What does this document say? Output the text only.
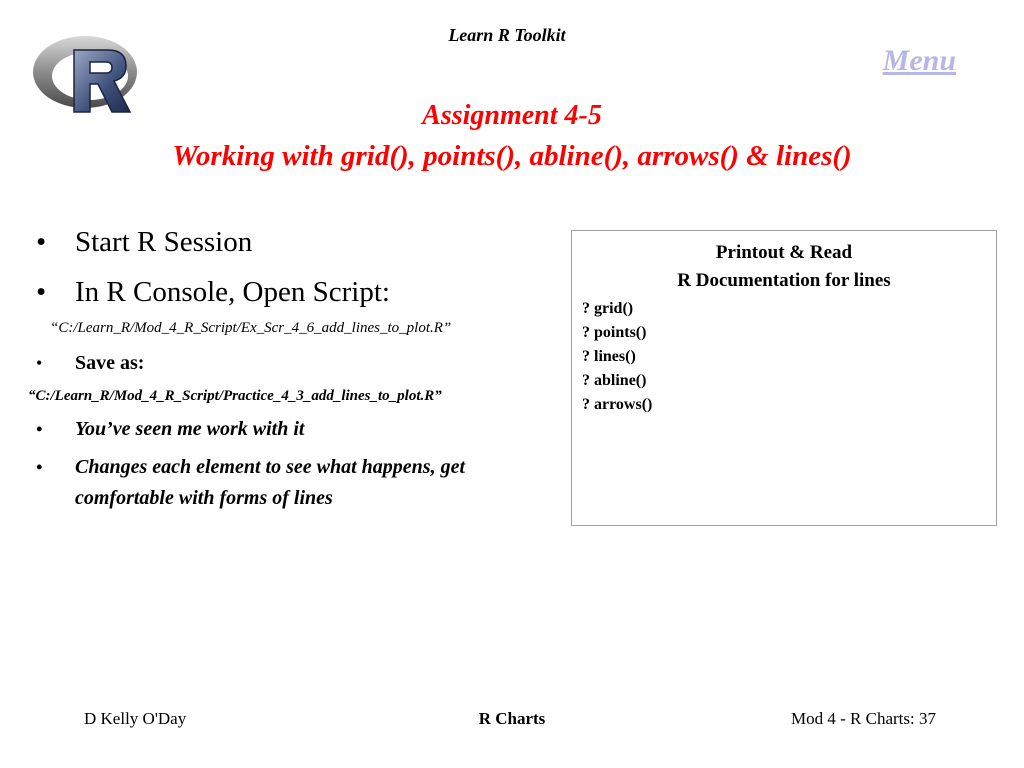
Learn R Toolkit
Menu
Assignment 4-5
Working with grid(), points(), abline(), arrows() & lines()
• Start R Session
• In R Console, Open Script:
“C:/Learn_R/Mod_4_R_Script/Ex_Scr_4_6_add_lines_to_plot.R”
• Save as:
“C:/Learn_R/Mod_4_R_Script/Practice_4_3_add_lines_to_plot.R”
• You’ve seen me work with it
• Changes each element to see what happens, get comfortable with forms of lines
Printout & Read
R Documentation for lines
? grid()
? points()
? lines()
? abline()
? arrows()
D Kelly O'Day	R Charts	Mod 4 - R Charts: 37
